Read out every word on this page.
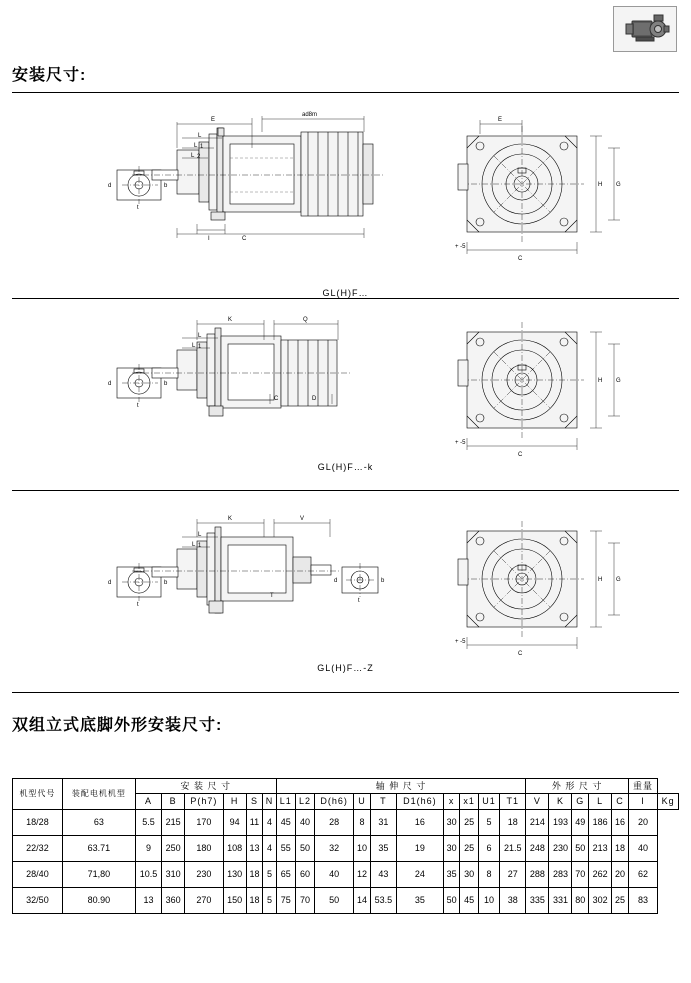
安装尺寸:
d	b
t
E
ad8m
L
L 1
L 2
I	C
+ -5
E
H G
C
GL(H)F…
d	b
t
K	Q
L
L 1
C	D
+ -5
H G
C
GL(H)F…-k
d	b
t
d	b
t
K	V
L
L 1
T
+ -5
H G
C
GL(H)F…-Z
双组立式底脚外形安装尺寸:
机型代号	装配电机机型	安 装 尺 寸						轴 伸 尺 寸										外 形 尺 寸					重量	
		A	B	P(h7)	H	S	N	L1	L2	D(h6)	U	T	D1(h6)	x	x1	U1	T1	V	K	G	L	C	I	Kg
18/28	63	5.5	215	170	94	11	4	45	40	28	8	31	16	30	25	5	18	214	193	49	186	16	20	
22/32	63.71	9	250	180	108	13	4	55	50	32	10	35	19	30	25	6	21.5	248	230	50	213	18	40	
28/40	71,80	10.5	310	230	130	18	5	65	60	40	12	43	24	35	30	8	27	288	283	70	262	20	62	
32/50	80.90	13	360	270	150	18	5	75	70	50	14	53.5	35	50	45	10	38	335	331	80	302	25	83	
